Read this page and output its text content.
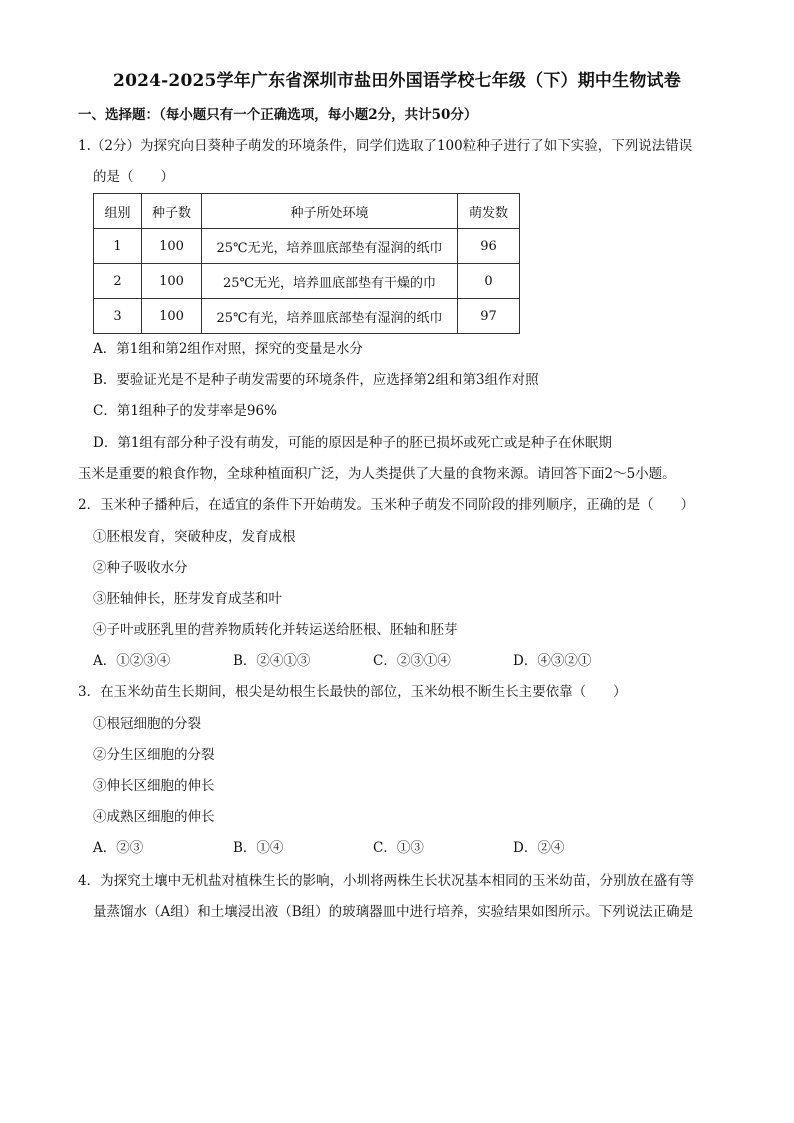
2024-2025学年广东省深圳市盐田外国语学校七年级（下）期中生物试卷
一、选择题：（每小题只有一个正确选项，每小题2分，共计50分）
1.（2分）为探究向日葵种子萌发的环境条件，同学们选取了100粒种子进行了如下实验，下列说法错误
的是（　　）
组别	种子数	种子所处环境	萌发数
1	100	25℃无光，培养皿底部垫有湿润的纸巾	96
2	100	25℃无光，培养皿底部垫有干燥的巾	0
3	100	25℃有光，培养皿底部垫有湿润的纸巾	97
A．第1组和第2组作对照，探究的变量是水分
B．要验证光是不是种子萌发需要的环境条件，应选择第2组和第3组作对照
C．第1组种子的发芽率是96%
D．第1组有部分种子没有萌发，可能的原因是种子的胚已损坏或死亡或是种子在休眠期
玉米是重要的粮食作物，全球种植面积广泛，为人类提供了大量的食物来源。请回答下面2～5小题。
2．玉米种子播种后，在适宜的条件下开始萌发。玉米种子萌发不同阶段的排列顺序，正确的是（　　）
①胚根发育，突破种皮，发育成根
②种子吸收水分
③胚轴伸长，胚芽发育成茎和叶
④子叶或胚乳里的营养物质转化并转运送给胚根、胚轴和胚芽
A．①②③④	B．②④①③	C．②③①④	D．④③②①
3．在玉米幼苗生长期间，根尖是幼根生长最快的部位，玉米幼根不断生长主要依靠（　　）
①根冠细胞的分裂
②分生区细胞的分裂
③伸长区细胞的伸长
④成熟区细胞的伸长
A．②③	B．①④	C．①③	D．②④
4．为探究土壤中无机盐对植株生长的影响，小圳将两株生长状况基本相同的玉米幼苗，分别放在盛有等
量蒸馏水（A组）和土壤浸出液（B组）的玻璃器皿中进行培养，实验结果如图所示。下列说法正确是
